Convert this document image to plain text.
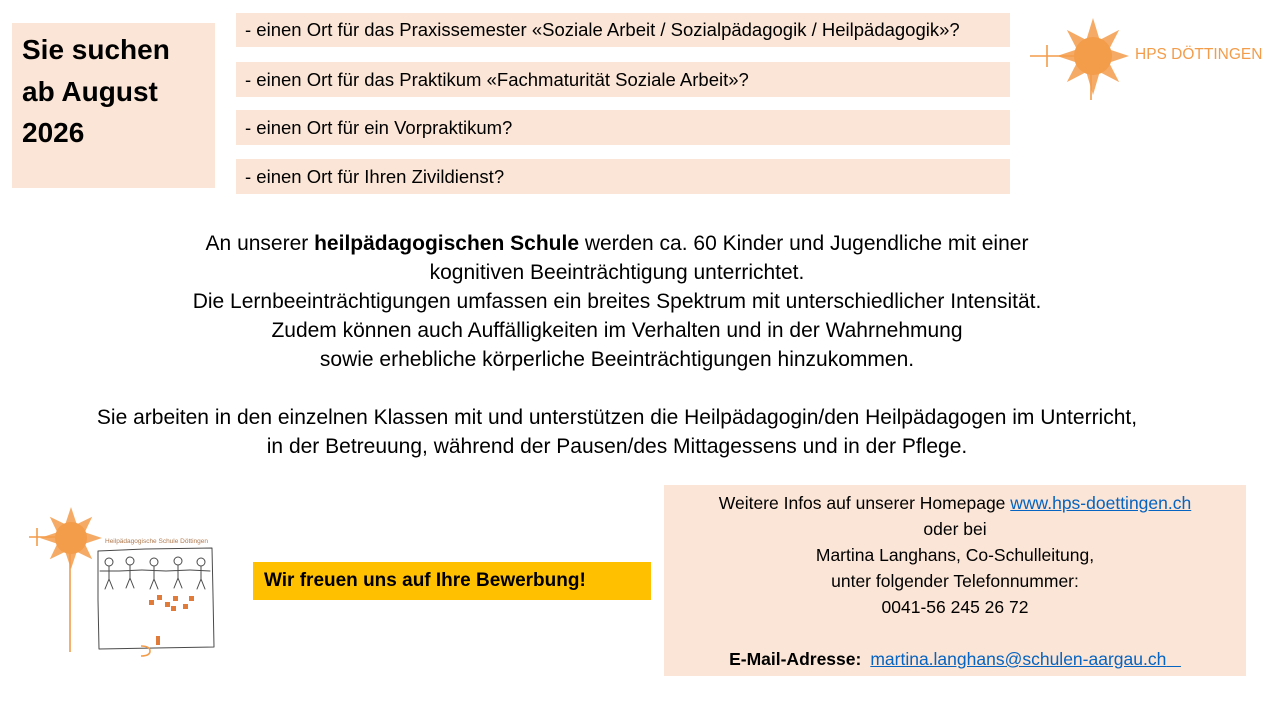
Sie suchen
ab August
2026
- einen Ort für das Praxissemester «Soziale Arbeit / Sozialpädagogik / Heilpädagogik»?
- einen Ort für das Praktikum «Fachmaturität Soziale Arbeit»?
- einen Ort für ein Vorpraktikum?
- einen Ort für Ihren Zivildienst?
HPS DÖTTINGEN
An unserer heilpädagogischen Schule werden ca. 60 Kinder und Jugendliche mit einer
kognitiven Beeinträchtigung unterrichtet.
Die Lernbeeinträchtigungen umfassen ein breites Spektrum mit unterschiedlicher Intensität.
Zudem können auch Auffälligkeiten im Verhalten und in der Wahrnehmung
sowie erhebliche körperliche Beeinträchtigungen hinzukommen.
Sie arbeiten in den einzelnen Klassen mit und unterstützen die Heilpädagogin/den Heilpädagogen im Unterricht,
in der Betreuung, während der Pausen/des Mittagessens und in der Pflege.
Heilpädagogische Schule Döttingen
Wir freuen uns auf Ihre Bewerbung!
Weitere Infos auf unserer Homepage www.hps-doettingen.ch
oder bei
Martina Langhans, Co-Schulleitung,
unter folgender Telefonnummer:
0041-56 245 26 72
E-Mail-Adresse: martina.langhans@schulen-aargau.ch
